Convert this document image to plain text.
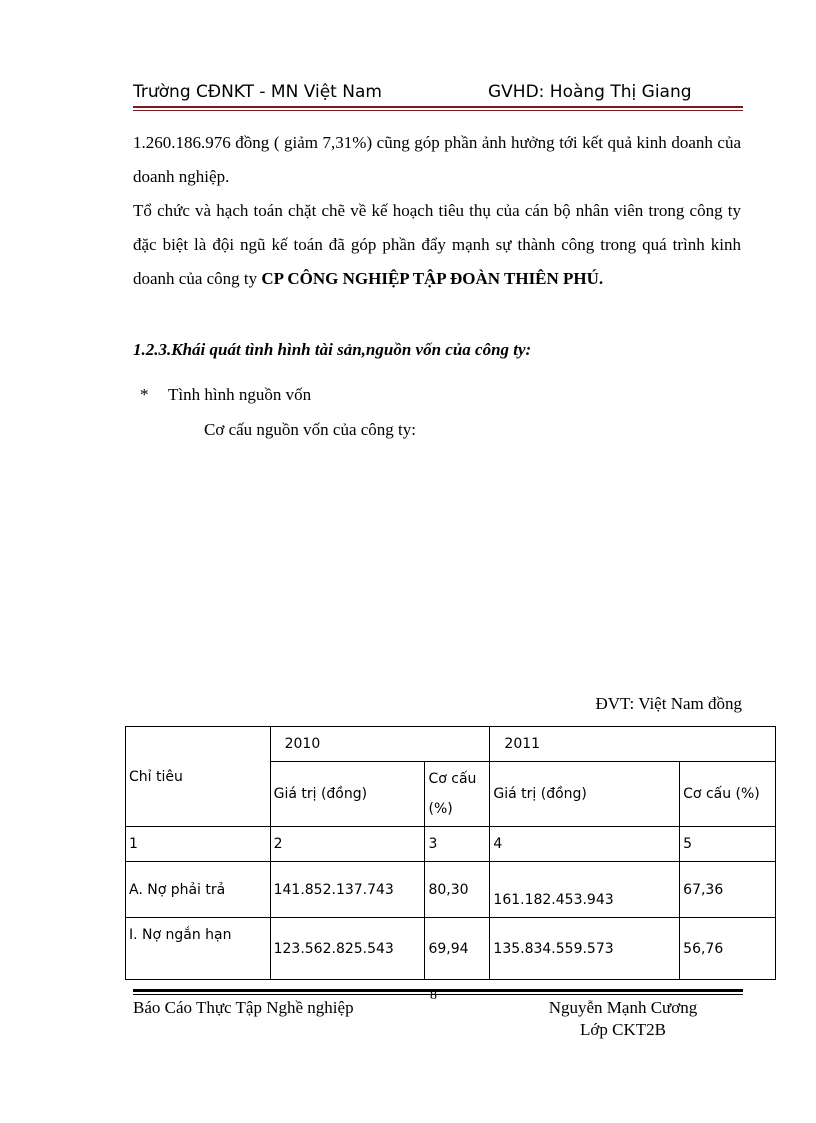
Trường CĐNKT - MN Việt Nam	GVHD: Hoàng Thị Giang
1.260.186.976 đồng ( giảm 7,31%) cũng góp phần ảnh hưởng tới kết quả kinh doanh của doanh nghiệp.
Tổ chức và hạch toán chặt chẽ về kế hoạch tiêu thụ của cán bộ nhân viên trong công ty đặc biệt là đội ngũ kế toán đã góp phần đẩy mạnh sự thành công trong quá trình kinh doanh của công ty CP CÔNG NGHIỆP TẬP ĐOÀN THIÊN PHÚ.
1.2.3.Khái quát tình hình tài sản,nguồn vốn của công ty:
* Tình hình nguồn vốn
Cơ cấu nguồn vốn của công ty:
ĐVT: Việt Nam đồng
Chỉ tiêu	2010		2011	
	Giá trị (đồng)	Cơ cấu (%)	Giá trị (đồng)	Cơ cấu (%)
1	2	3	4	5
A. Nợ phải trả	141.852.137.743	80,30	161.182.453.943	67,36
I. Nợ ngắn hạn	123.562.825.543	69,94	135.834.559.573	56,76
8
Báo Cáo Thực Tập Nghề nghiệp	Nguyễn Mạnh Cương
Lớp CKT2B
